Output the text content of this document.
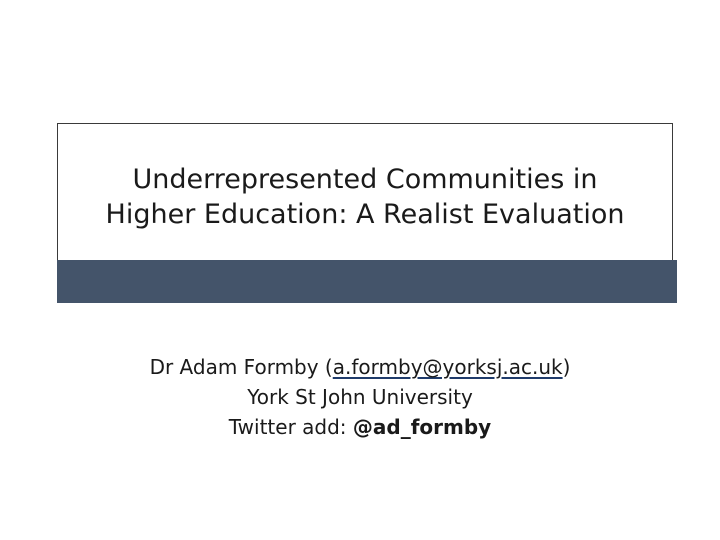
Underrepresented Communities in
Higher Education: A Realist Evaluation
Dr Adam Formby (a.formby@yorksj.ac.uk)
York St John University
Twitter add: @ad_formby
